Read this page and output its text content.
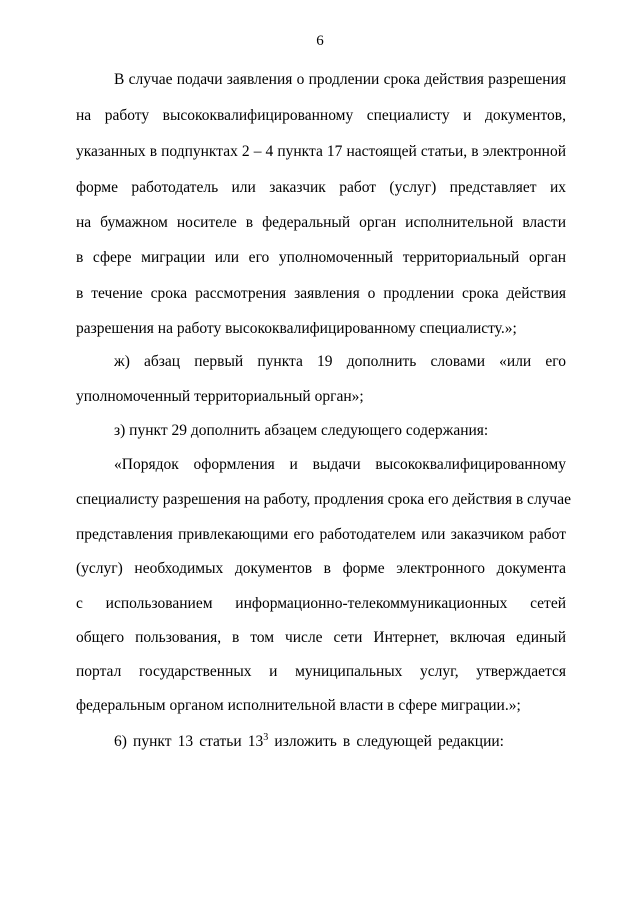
6
В случае подачи заявления о продлении срока действия разрешения
на работу высококвалифицированному специалисту и документов,
указанных в подпунктах 2 – 4 пункта 17 настоящей статьи, в электронной
форме работодатель или заказчик работ (услуг) представляет их
на бумажном носителе в федеральный орган исполнительной власти
в сфере миграции или его уполномоченный территориальный орган
в течение срока рассмотрения заявления о продлении срока действия
разрешения на работу высококвалифицированному специалисту.»;
ж) абзац первый пункта 19 дополнить словами «или его
уполномоченный территориальный орган»;
з) пункт 29 дополнить абзацем следующего содержания:
«Порядок оформления и выдачи высококвалифицированному
специалисту разрешения на работу, продления срока его действия в случае
представления привлекающими его работодателем или заказчиком работ
(услуг) необходимых документов в форме электронного документа
с использованием информационно-телекоммуникационных сетей
общего пользования, в том числе сети Интернет, включая единый
портал государственных и муниципальных услуг, утверждается
федеральным органом исполнительной власти в сфере миграции.»;
6) пункт 13 статьи $13^3$ изложить в следующей редакции:
